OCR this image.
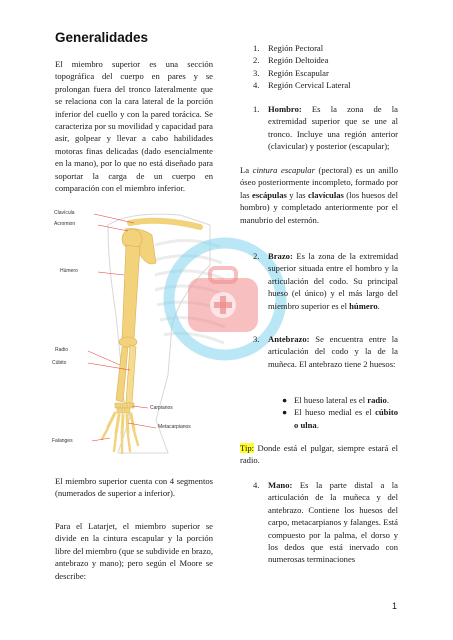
Generalidades
El miembro superior es una sección topográfica del cuerpo en pares y se prolongan fuera del tronco lateralmente que se relaciona con la cara lateral de la porción inferior del cuello y con la pared torácica. Se caracteriza por su movilidad y capacidad para asir, golpear y llevar a cabo habilidades motoras finas delicadas (dado esencialmente en la mano), por lo que no está diseñado para soportar la carga de un cuerpo en comparación con el miembro inferior.
Clavícula
Acromion
Húmero
Radio
Cúbito
Carpianos
Metacarpianos
Falanges
El miembro superior cuenta con 4 segmentos (numerados de superior a inferior).
Para el Latarjet, el miembro superior se divide en la cintura escapular y la porción libre del miembro (que se subdivide en brazo, antebrazo y mano); pero según el Moore se describe:
1. Región Pectoral
2. Región Deltoidea
3. Región Escapular
4. Región Cervical Lateral
1. Hombro: Es la zona de la extremidad superior que se une al tronco. Incluye una región anterior (clavicular) y posterior (escapular);
La cintura escapular (pectoral) es un anillo óseo posteriormente incompleto, formado por las escápulas y las clavículas (los huesos del hombro) y completado anteriormente por el manubrio del esternón.
2. Brazo: Es la zona de la extremidad superior situada entre el hombro y la articulación del codo. Su principal hueso (el único) y el más largo del miembro superior es el húmero.
3. Antebrazo: Se encuentra entre la articulación del codo y la de la muñeca. El antebrazo tiene 2 huesos:
● El hueso lateral es el radio.
● El hueso medial es el cúbito o ulna.
Tip: Donde está el pulgar, siempre estará el radio.
4. Mano: Es la parte distal a la articulación de la muñeca y del antebrazo. Contiene los huesos del carpo, metacarpianos y falanges. Está compuesto por la palma, el dorso y los dedos que está inervado con numerosas terminaciones
1
